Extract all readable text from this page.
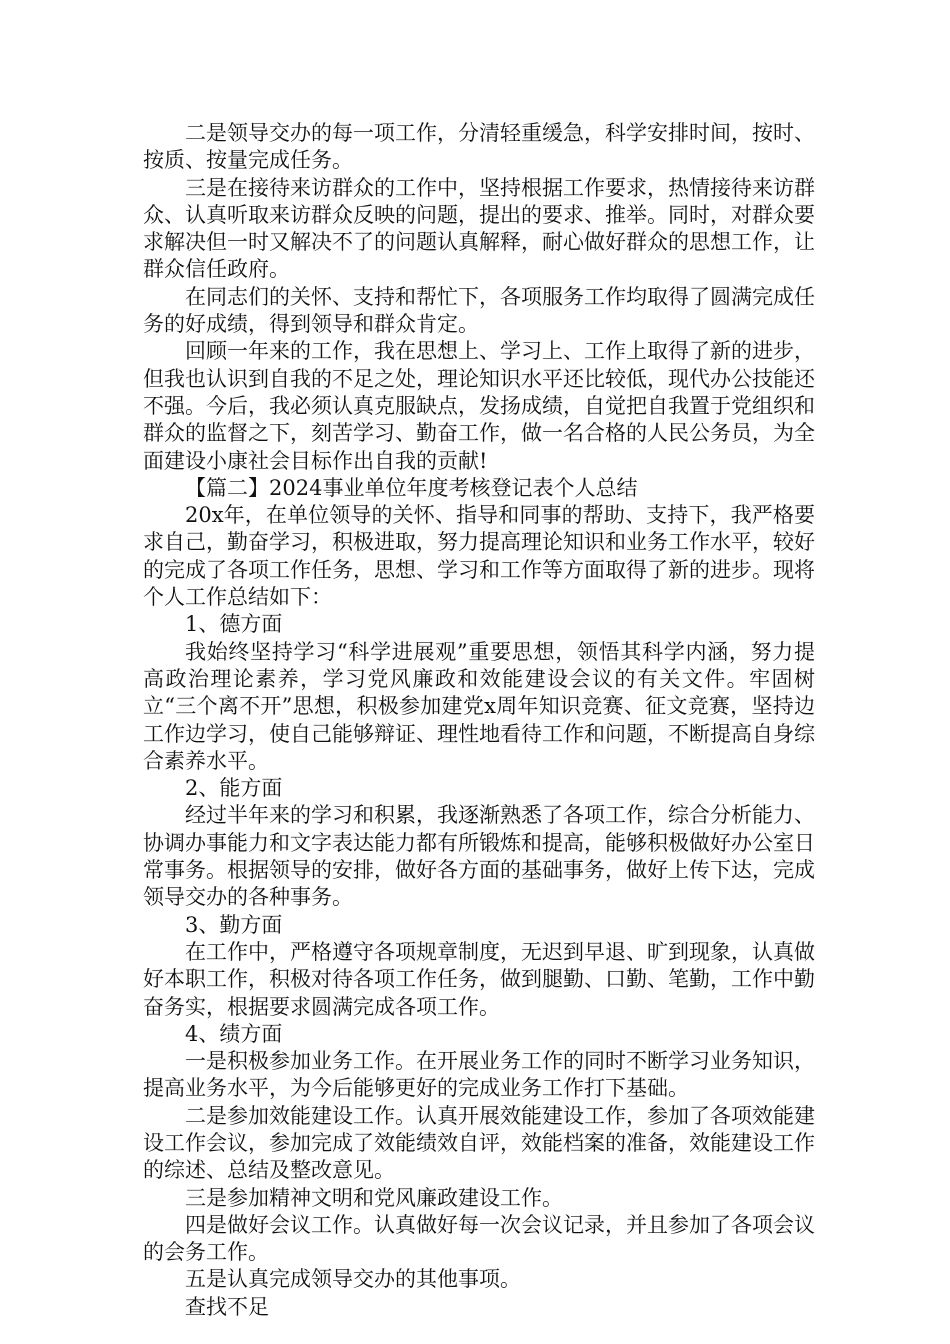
二是领导交办的每一项工作，分清轻重缓急，科学安排时间，按时、按质、按量完成任务。

三是在接待来访群众的工作中，坚持根据工作要求，热情接待来访群众、认真听取来访群众反映的问题，提出的要求、推举。同时，对群众要求解决但一时又解决不了的问题认真解释，耐心做好群众的思想工作，让群众信任政府。

在同志们的关怀、支持和帮忙下，各项服务工作均取得了圆满完成任务的好成绩，得到领导和群众肯定。

回顾一年来的工作，我在思想上、学习上、工作上取得了新的进步，但我也认识到自我的不足之处，理论知识水平还比较低，现代办公技能还不强。今后，我必须认真克服缺点，发扬成绩，自觉把自我置于党组织和群众的监督之下，刻苦学习、勤奋工作，做一名合格的人民公务员，为全面建设小康社会目标作出自我的贡献!

【篇二】2024事业单位年度考核登记表个人总结

20x年，在单位领导的关怀、指导和同事的帮助、支持下，我严格要求自己，勤奋学习，积极进取，努力提高理论知识和业务工作水平，较好的完成了各项工作任务，思想、学习和工作等方面取得了新的进步。现将个人工作总结如下：

1、德方面

我始终坚持学习“科学进展观”重要思想，领悟其科学内涵，努力提高政治理论素养，学习党风廉政和效能建设会议的有关文件。牢固树立“三个离不开”思想，积极参加建党x周年知识竞赛、征文竞赛，坚持边工作边学习，使自己能够辩证、理性地看待工作和问题，不断提高自身综合素养水平。

2、能方面

经过半年来的学习和积累，我逐渐熟悉了各项工作，综合分析能力、协调办事能力和文字表达能力都有所锻炼和提高，能够积极做好办公室日常事务。根据领导的安排，做好各方面的基础事务，做好上传下达，完成领导交办的各种事务。

3、勤方面

在工作中，严格遵守各项规章制度，无迟到早退、旷到现象，认真做好本职工作，积极对待各项工作任务，做到腿勤、口勤、笔勤，工作中勤奋务实，根据要求圆满完成各项工作。

4、绩方面

一是积极参加业务工作。在开展业务工作的同时不断学习业务知识，提高业务水平，为今后能够更好的完成业务工作打下基础。

二是参加效能建设工作。认真开展效能建设工作，参加了各项效能建设工作会议，参加完成了效能绩效自评，效能档案的准备，效能建设工作的综述、总结及整改意见。

三是参加精神文明和党风廉政建设工作。

四是做好会议工作。认真做好每一次会议记录，并且参加了各项会议的会务工作。

五是认真完成领导交办的其他事项。

查找不足
